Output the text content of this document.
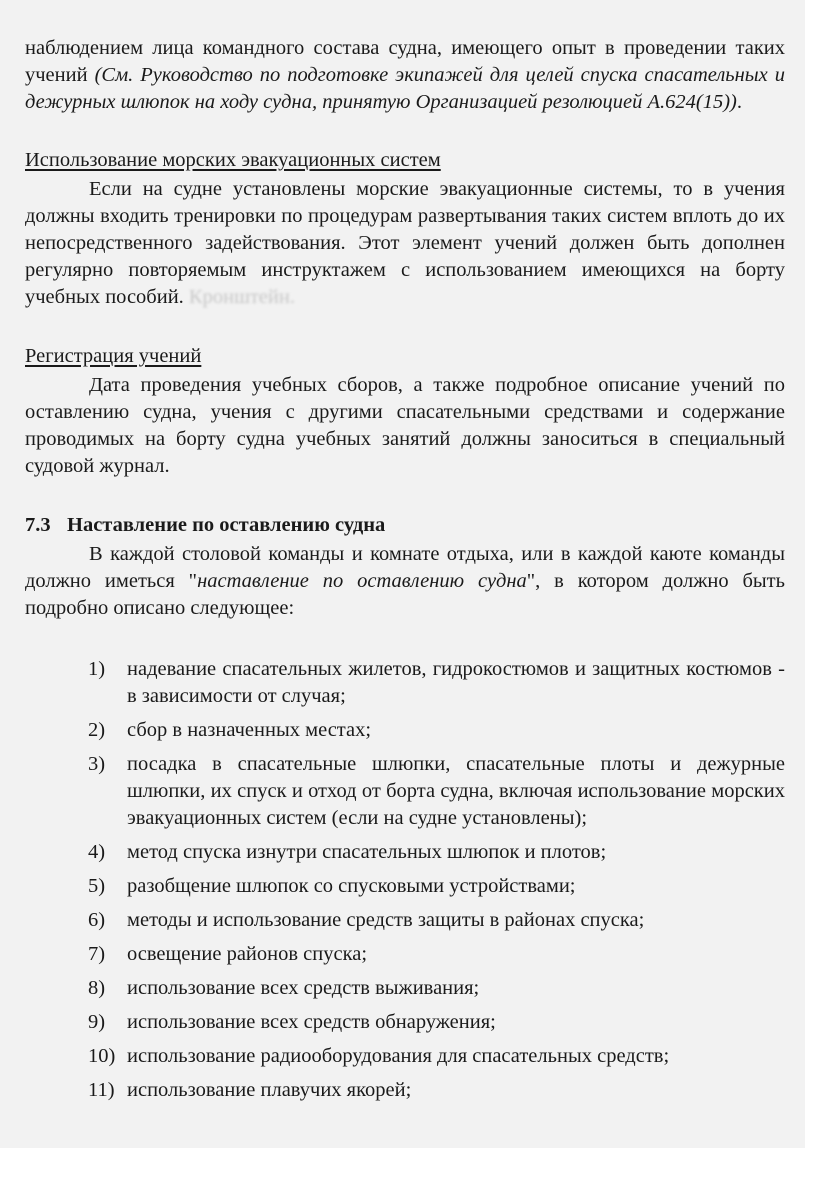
наблюдением лица командного состава судна, имеющего опыт в проведении таких учений (См. Руководство по подготовке экипажей для целей спуска спасательных и дежурных шлюпок на ходу судна, принятую Организацией резолюцией A.624(15)).

Использование морских эвакуационных систем

Если на судне установлены морские эвакуационные системы, то в учения должны входить тренировки по процедурам развертывания таких систем вплоть до их непосредственного задействования. Этот элемент учений должен быть дополнен регулярно повторяемым инструктажем с использованием имеющихся на борту учебных пособий. Кронштейн.

Регистрация учений

Дата проведения учебных сборов, а также подробное описание учений по оставлению судна, учения с другими спасательными средствами и содержание проводимых на борту судна учебных занятий должны заноситься в специальный судовой журнал.

7.3 Наставление по оставлению судна

В каждой столовой команды и комнате отдыха, или в каждой каюте команды должно иметься "наставление по оставлению судна", в котором должно быть подробно описано следующее:

1)	надевание спасательных жилетов, гидрокостюмов и защитных костюмов - в зависимости от случая;
2)	сбор в назначенных местах;
3)	посадка в спасательные шлюпки, спасательные плоты и дежурные шлюпки, их спуск и отход от борта судна, включая использование морских эвакуационных систем (если на судне установлены);
4)	метод спуска изнутри спасательных шлюпок и плотов;
5)	разобщение шлюпок со спусковыми устройствами;
6)	методы и использование средств защиты в районах спуска;
7)	освещение районов спуска;
8)	использование всех средств выживания;
9)	использование всех средств обнаружения;
10) использование радиооборудования для спасательных средств;
11) использование плавучих якорей;
